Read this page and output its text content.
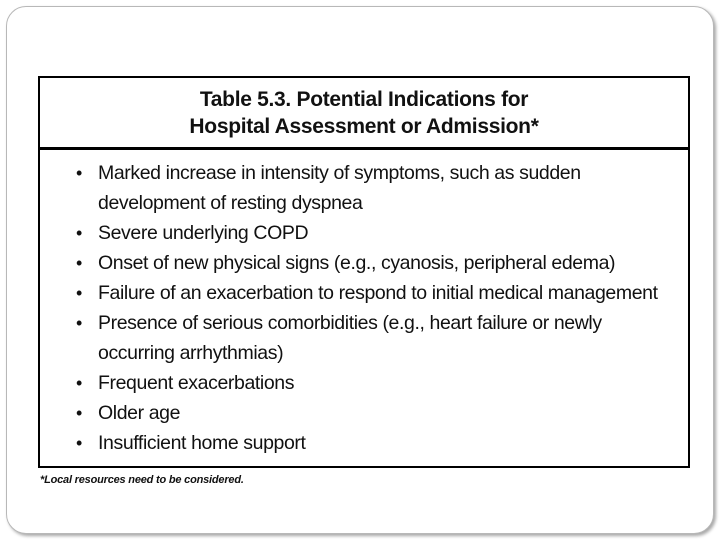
Table 5.3. Potential Indications for
Hospital Assessment or Admission*
• Marked increase in intensity of symptoms, such as sudden development of resting dyspnea
• Severe underlying COPD
• Onset of new physical signs (e.g., cyanosis, peripheral edema)
• Failure of an exacerbation to respond to initial medical management
• Presence of serious comorbidities (e.g., heart failure or newly occurring arrhythmias)
• Frequent exacerbations
• Older age
• Insufficient home support
*Local resources need to be considered.
